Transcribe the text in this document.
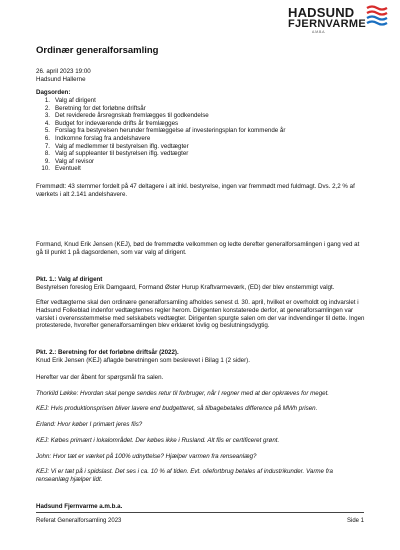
HADSUND
FJERNVARME
A.M.B.A.
Ordinær generalforsamling
26. april 2023 19:00
Hadsund Hallerne
Dagsorden:
1. Valg af dirigent
2. Beretning for det forløbne driftsår
3. Det reviderede årsregnskab fremlægges til godkendelse
4. Budget for indeværende drifts år fremlægges
5. Forslag fra bestyrelsen herunder fremlæggelse af investeringsplan for kommende år
6. Indkomne forslag fra andelshavere
7. Valg af medlemmer til bestyrelsen iflg. vedtægter
8. Valg af suppleanter til bestyrelsen iflg. vedtægter
9. Valg af revisor
10. Eventuelt
Fremmødt: 43 stemmer fordelt på 47 deltagere i alt inkl. bestyrelse, ingen var fremmødt med fuldmagt. Dvs. 2,2 % af værkets i alt 2.141 andelshavere.
Formand, Knud Erik Jensen (KEJ), bød de fremmødte velkommen og ledte derefter generalforsamlingen i gang ved at gå til punkt 1 på dagsordenen, som var valg af dirigent.
Pkt. 1.: Valg af dirigent
Bestyrelsen foreslog Erik Damgaard, Formand Øster Hurup Kraftvarmeværk, (ED) der blev enstemmigt valgt.
Efter vedtægterne skal den ordinære generalforsamling afholdes senest d. 30. april, hvilket er overholdt og indvarslet i Hadsund Folkeblad indenfor vedtægternes regler herom. Dirigenten konstaterede derfor, at generalforsamlingen var varslet i overensstemmelse med selskabets vedtægter. Dirigenten spurgte salen om der var indvendinger til dette. Ingen protesterede, hvorefter generalforsamlingen blev erklæret lovlig og beslutningsdygtig.
Pkt. 2.: Beretning for det forløbne driftsår (2022).
Knud Erik Jensen (KEJ) aflagde beretningen som beskrevet i Bilag 1 (2 sider).
Herefter var der åbent for spørgsmål fra salen.
Thorkild Løkke: Hvordan skal penge sendes retur til forbruger, når I regner med at der opkræves for meget.
KEJ: Hvis produktionsprisen bliver lavere end budgetteret, så tilbagebetales difference på MWh prisen.
Erland: Hvor køber I primært jeres flis?
KEJ: Købes primært i lokalområdet. Der købes ikke i Rusland. Alt flis er certificeret grønt.
John: Hvor tæt er værket på 100% udnyttelse? Hjælper varmen fra renseanlæg?
KEJ: Vi er tæt på i spidslast. Det ses i ca. 10 % af tiden. Evt. oliefortbrug betales af industrikunder. Varme fra renseanlæg hjælper lidt.
Hadsund Fjernvarme a.m.b.a.
Referat Generalforsamling 2023	Side 1
